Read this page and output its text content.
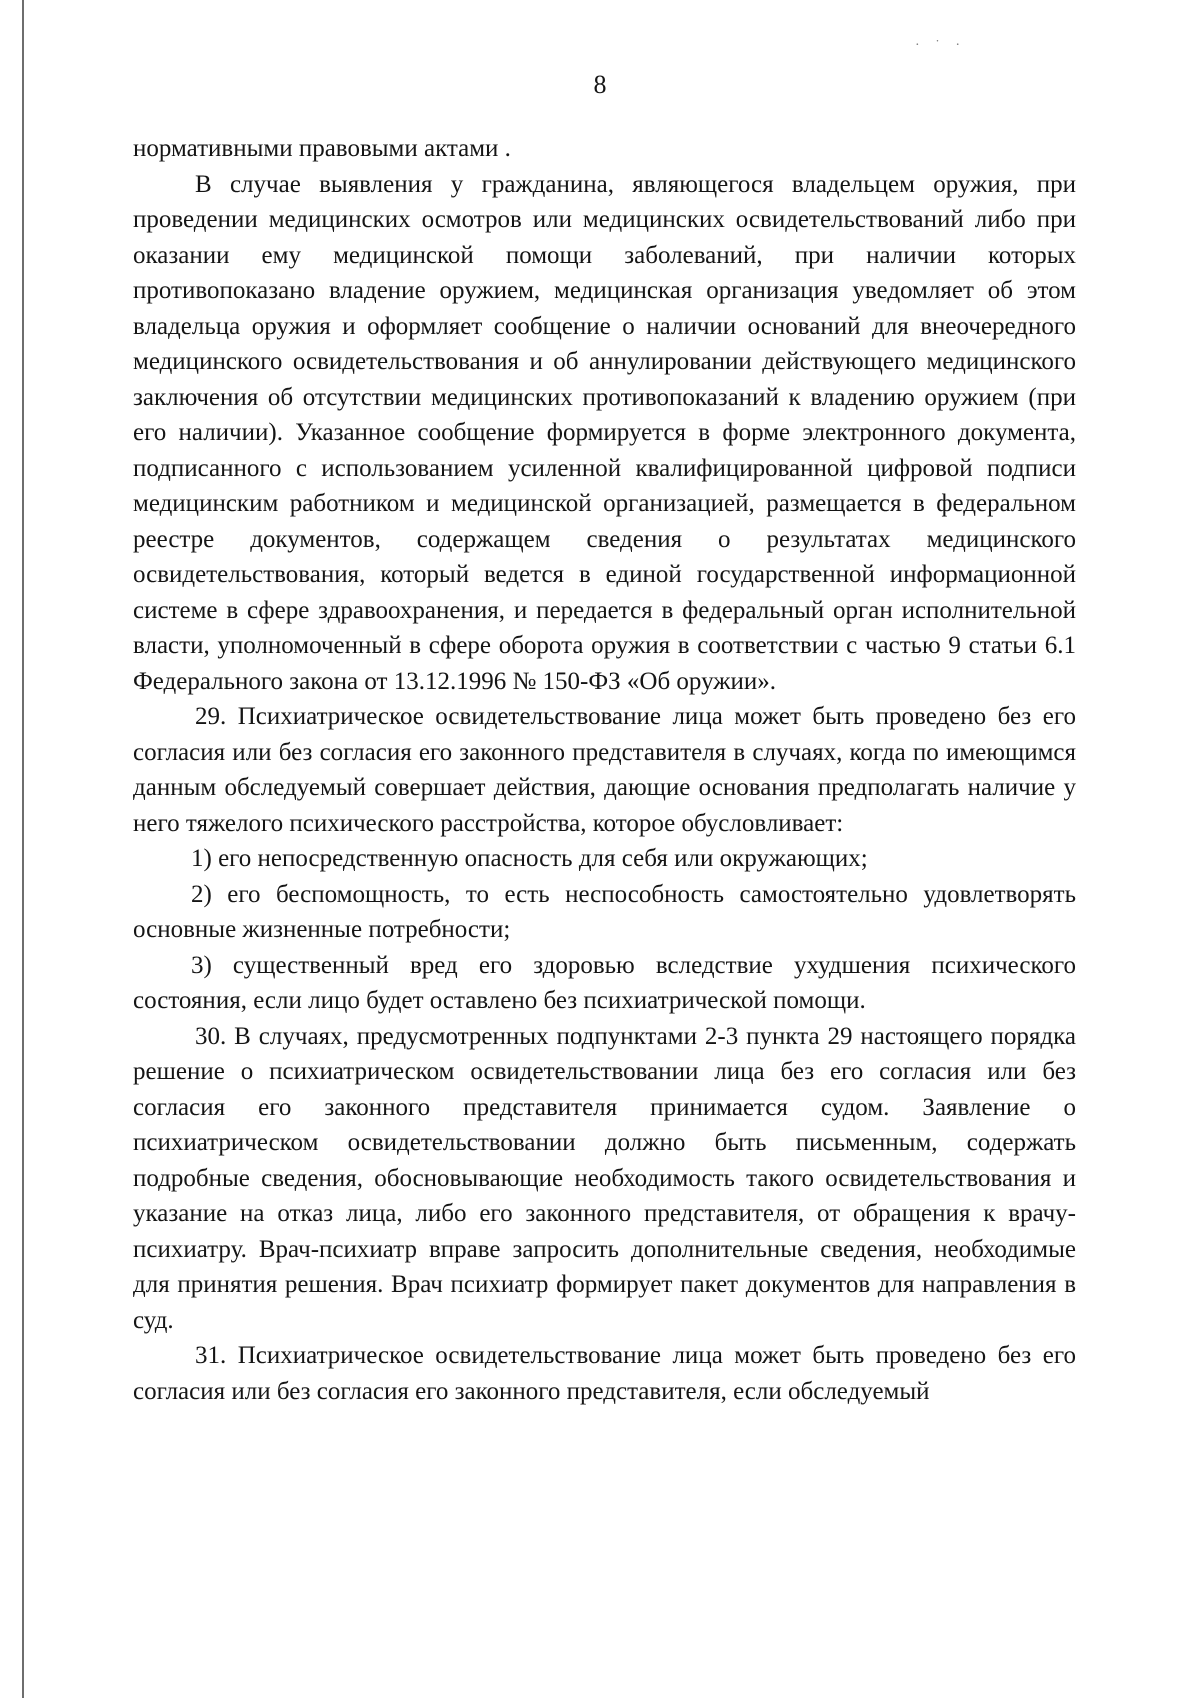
· ˙ ·
8

нормативными правовыми актами .

В случае выявления у гражданина, являющегося владельцем оружия, при проведении медицинских осмотров или медицинских освидетельствований либо при оказании ему медицинской помощи заболеваний, при наличии которых противопоказано владение оружием, медицинская организация уведомляет об этом владельца оружия и оформляет сообщение о наличии оснований для внеочередного медицинского освидетельствования и об аннулировании действующего медицинского заключения об отсутствии медицинских противопоказаний к владению оружием (при его наличии). Указанное сообщение формируется в форме электронного документа, подписанного с использованием усиленной квалифицированной цифровой подписи медицинским работником и медицинской организацией, размещается в федеральном реестре документов, содержащем сведения о результатах медицинского освидетельствования, который ведется в единой государственной информационной системе в сфере здравоохранения, и передается в федеральный орган исполнительной власти, уполномоченный в сфере оборота оружия в соответствии с частью 9 статьи 6.1 Федерального закона от 13.12.1996 № 150-ФЗ «Об оружии».

29. Психиатрическое освидетельствование лица может быть проведено без его согласия или без согласия его законного представителя в случаях, когда по имеющимся данным обследуемый совершает действия, дающие основания предполагать наличие у него тяжелого психического расстройства, которое обусловливает:

1) его непосредственную опасность для себя или окружающих;

2) его беспомощность, то есть неспособность самостоятельно удовлетворять основные жизненные потребности;

3) существенный вред его здоровью вследствие ухудшения психического состояния, если лицо будет оставлено без психиатрической помощи.

30. В случаях, предусмотренных подпунктами 2-3 пункта 29 настоящего порядка решение о психиатрическом освидетельствовании лица без его согласия или без согласия его законного представителя принимается судом. Заявление о психиатрическом освидетельствовании должно быть письменным, содержать подробные сведения, обосновывающие необходимость такого освидетельствования и указание на отказ лица, либо его законного представителя, от обращения к врачу-психиатру. Врач-психиатр вправе запросить дополнительные сведения, необходимые для принятия решения. Врач психиатр формирует пакет документов для направления в суд.

31. Психиатрическое освидетельствование лица может быть проведено без его согласия или без согласия его законного представителя, если обследуемый
